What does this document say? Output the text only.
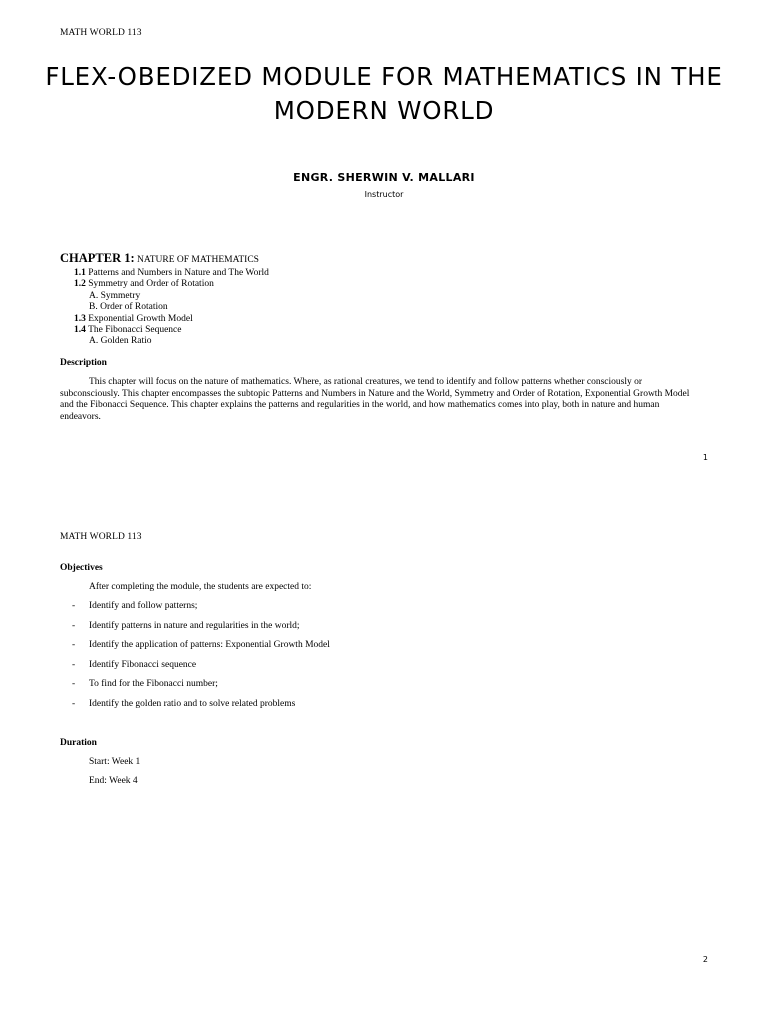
MATH WORLD 113
FLEX-OBEDIZED MODULE FOR MATHEMATICS IN THE MODERN WORLD
ENGR. SHERWIN V. MALLARI
Instructor
CHAPTER 1: NATURE OF MATHEMATICS
1.1 Patterns and Numbers in Nature and The World
1.2 Symmetry and Order of Rotation
A. Symmetry
B. Order of Rotation
1.3 Exponential Growth Model
1.4 The Fibonacci Sequence
A. Golden Ratio
Description

This chapter will focus on the nature of mathematics. Where, as rational creatures, we tend to identify and follow patterns whether consciously or subconsciously. This chapter encompasses the subtopic Patterns and Numbers in Nature and the World, Symmetry and Order of Rotation, Exponential Growth Model and the Fibonacci Sequence. This chapter explains the patterns and regularities in the world, and how mathematics comes into play, both in nature and human endeavors.

1
MATH WORLD 113
Objectives
After completing the module, the students are expected to:
-	Identify and follow patterns;
-	Identify patterns in nature and regularities in the world;
-	Identify the application of patterns: Exponential Growth Model
-	Identify Fibonacci sequence
-	To find for the Fibonacci number;
-	Identify the golden ratio and to solve related problems
Duration
Start: Week 1
End: Week 4
2
